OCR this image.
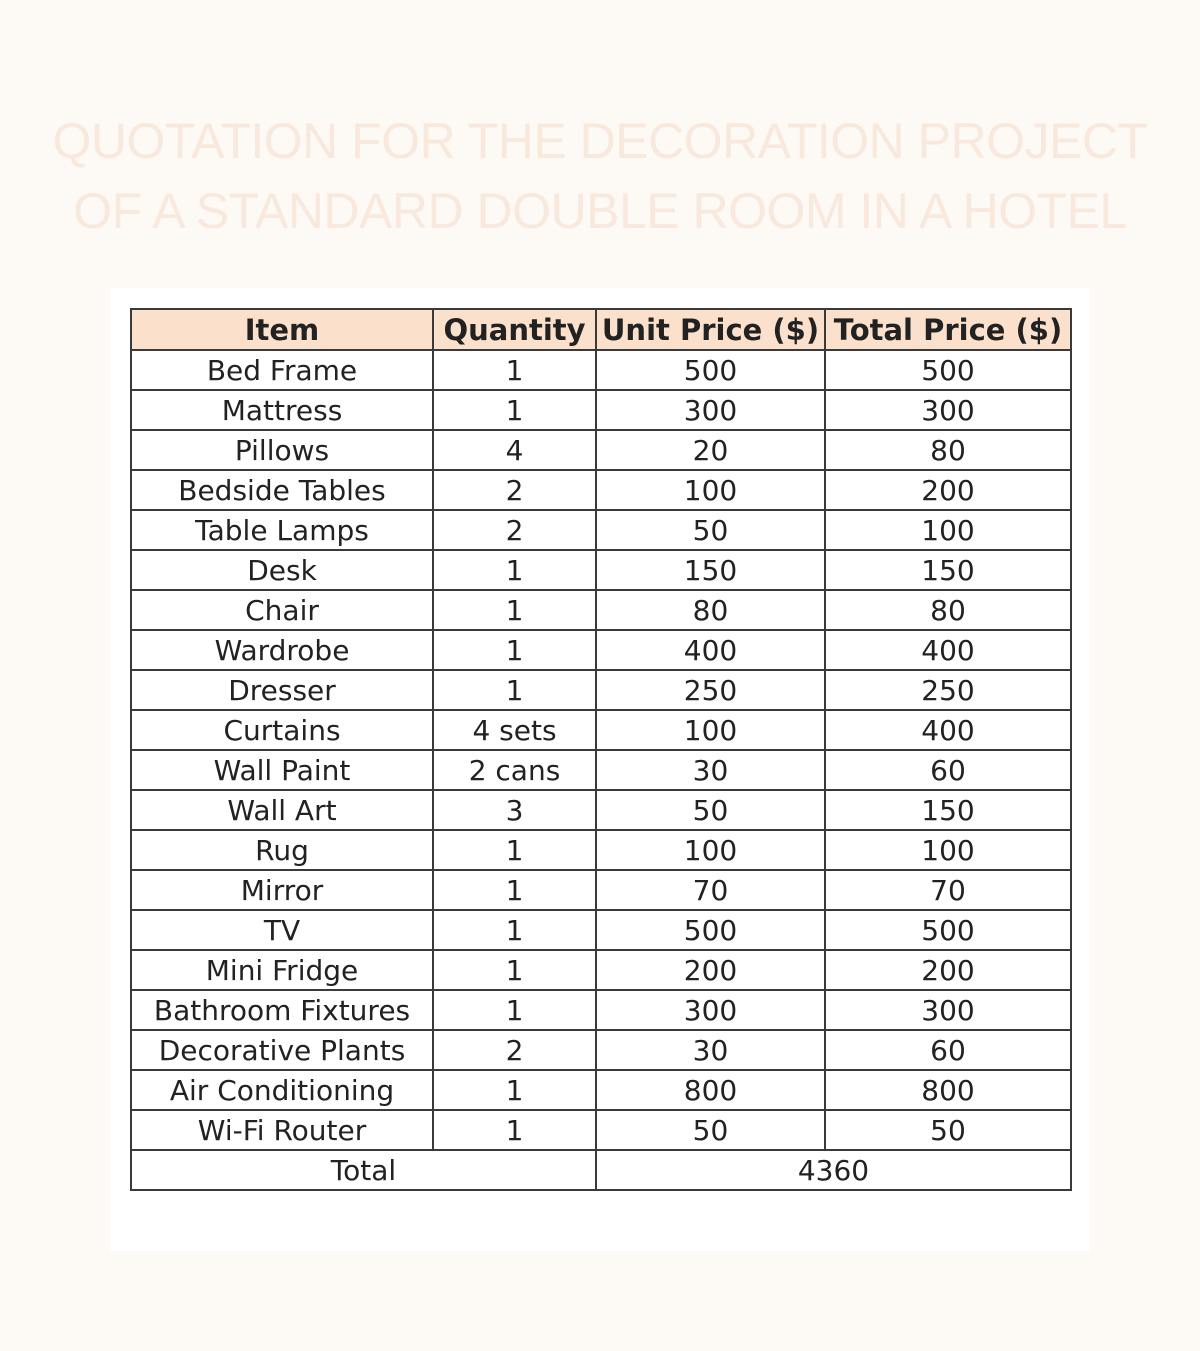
QUOTATION FOR THE DECORATION PROJECT
OF A STANDARD DOUBLE ROOM IN A HOTEL
Item	Quantity	Unit Price ($)	Total Price ($)
Bed Frame	1	500	500
Mattress	1	300	300
Pillows	4	20	80
Bedside Tables	2	100	200
Table Lamps	2	50	100
Desk	1	150	150
Chair	1	80	80
Wardrobe	1	400	400
Dresser	1	250	250
Curtains	4 sets	100	400
Wall Paint	2 cans	30	60
Wall Art	3	50	150
Rug	1	100	100
Mirror	1	70	70
TV	1	500	500
Mini Fridge	1	200	200
Bathroom Fixtures	1	300	300
Decorative Plants	2	30	60
Air Conditioning	1	800	800
Wi-Fi Router	1	50	50
Total		4360	
